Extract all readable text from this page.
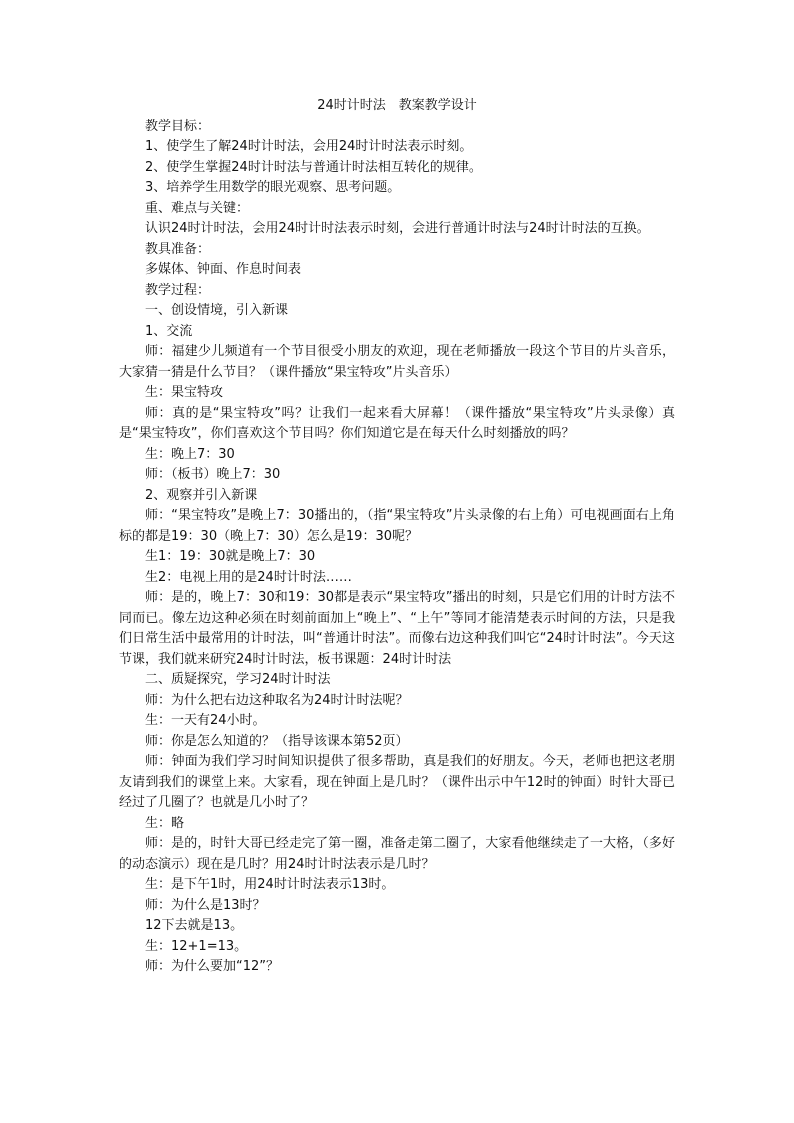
24时计时法　教案教学设计

教学目标：

1、使学生了解24时计时法，会用24时计时法表示时刻。

2、使学生掌握24时计时法与普通计时法相互转化的规律。

3、培养学生用数学的眼光观察、思考问题。

重、难点与关键：

认识24时计时法，会用24时计时法表示时刻，会进行普通计时法与24时计时法的互换。

教具准备：

多媒体、钟面、作息时间表

教学过程：

一、创设情境，引入新课

1、交流

师：福建少儿频道有一个节目很受小朋友的欢迎，现在老师播放一段这个节目的片头音乐，大家猜一猜是什么节目？（课件播放“果宝特攻”片头音乐）

生：果宝特攻

师：真的是“果宝特攻”吗？让我们一起来看大屏幕！（课件播放“果宝特攻”片头录像）真是“果宝特攻”，你们喜欢这个节目吗？你们知道它是在每天什么时刻播放的吗？

生：晚上7：30

师：（板书）晚上7：30

2、观察并引入新课

师：“果宝特攻”是晚上7：30播出的，（指“果宝特攻”片头录像的右上角）可电视画面右上角标的都是19：30（晚上7：30）怎么是19：30呢？

生1：19：30就是晚上7：30

生2：电视上用的是24时计时法……

师：是的，晚上7：30和19：30都是表示“果宝特攻”播出的时刻，只是它们用的计时方法不同而已。像左边这种必须在时刻前面加上“晚上”、“上午”等同才能清楚表示时间的方法，只是我们日常生活中最常用的计时法，叫“普通计时法”。而像右边这种我们叫它“24时计时法”。今天这节课，我们就来研究24时计时法，板书课题：24时计时法

二、质疑探究，学习24时计时法

师：为什么把右边这种取名为24时计时法呢？

生：一天有24小时。

师：你是怎么知道的？（指导该课本第52页）

师：钟面为我们学习时间知识提供了很多帮助，真是我们的好朋友。今天，老师也把这老朋友请到我们的课堂上来。大家看，现在钟面上是几时？（课件出示中午12时的钟面）时针大哥已经过了几圈了？也就是几小时了？

生：略

师：是的，时针大哥已经走完了第一圈，准备走第二圈了，大家看他继续走了一大格，（多好的动态演示）现在是几时？用24时计时法表示是几时？

生：是下午1时，用24时计时法表示13时。

师：为什么是13时？

12下去就是13。

生：12+1=13。

师：为什么要加“12”？
